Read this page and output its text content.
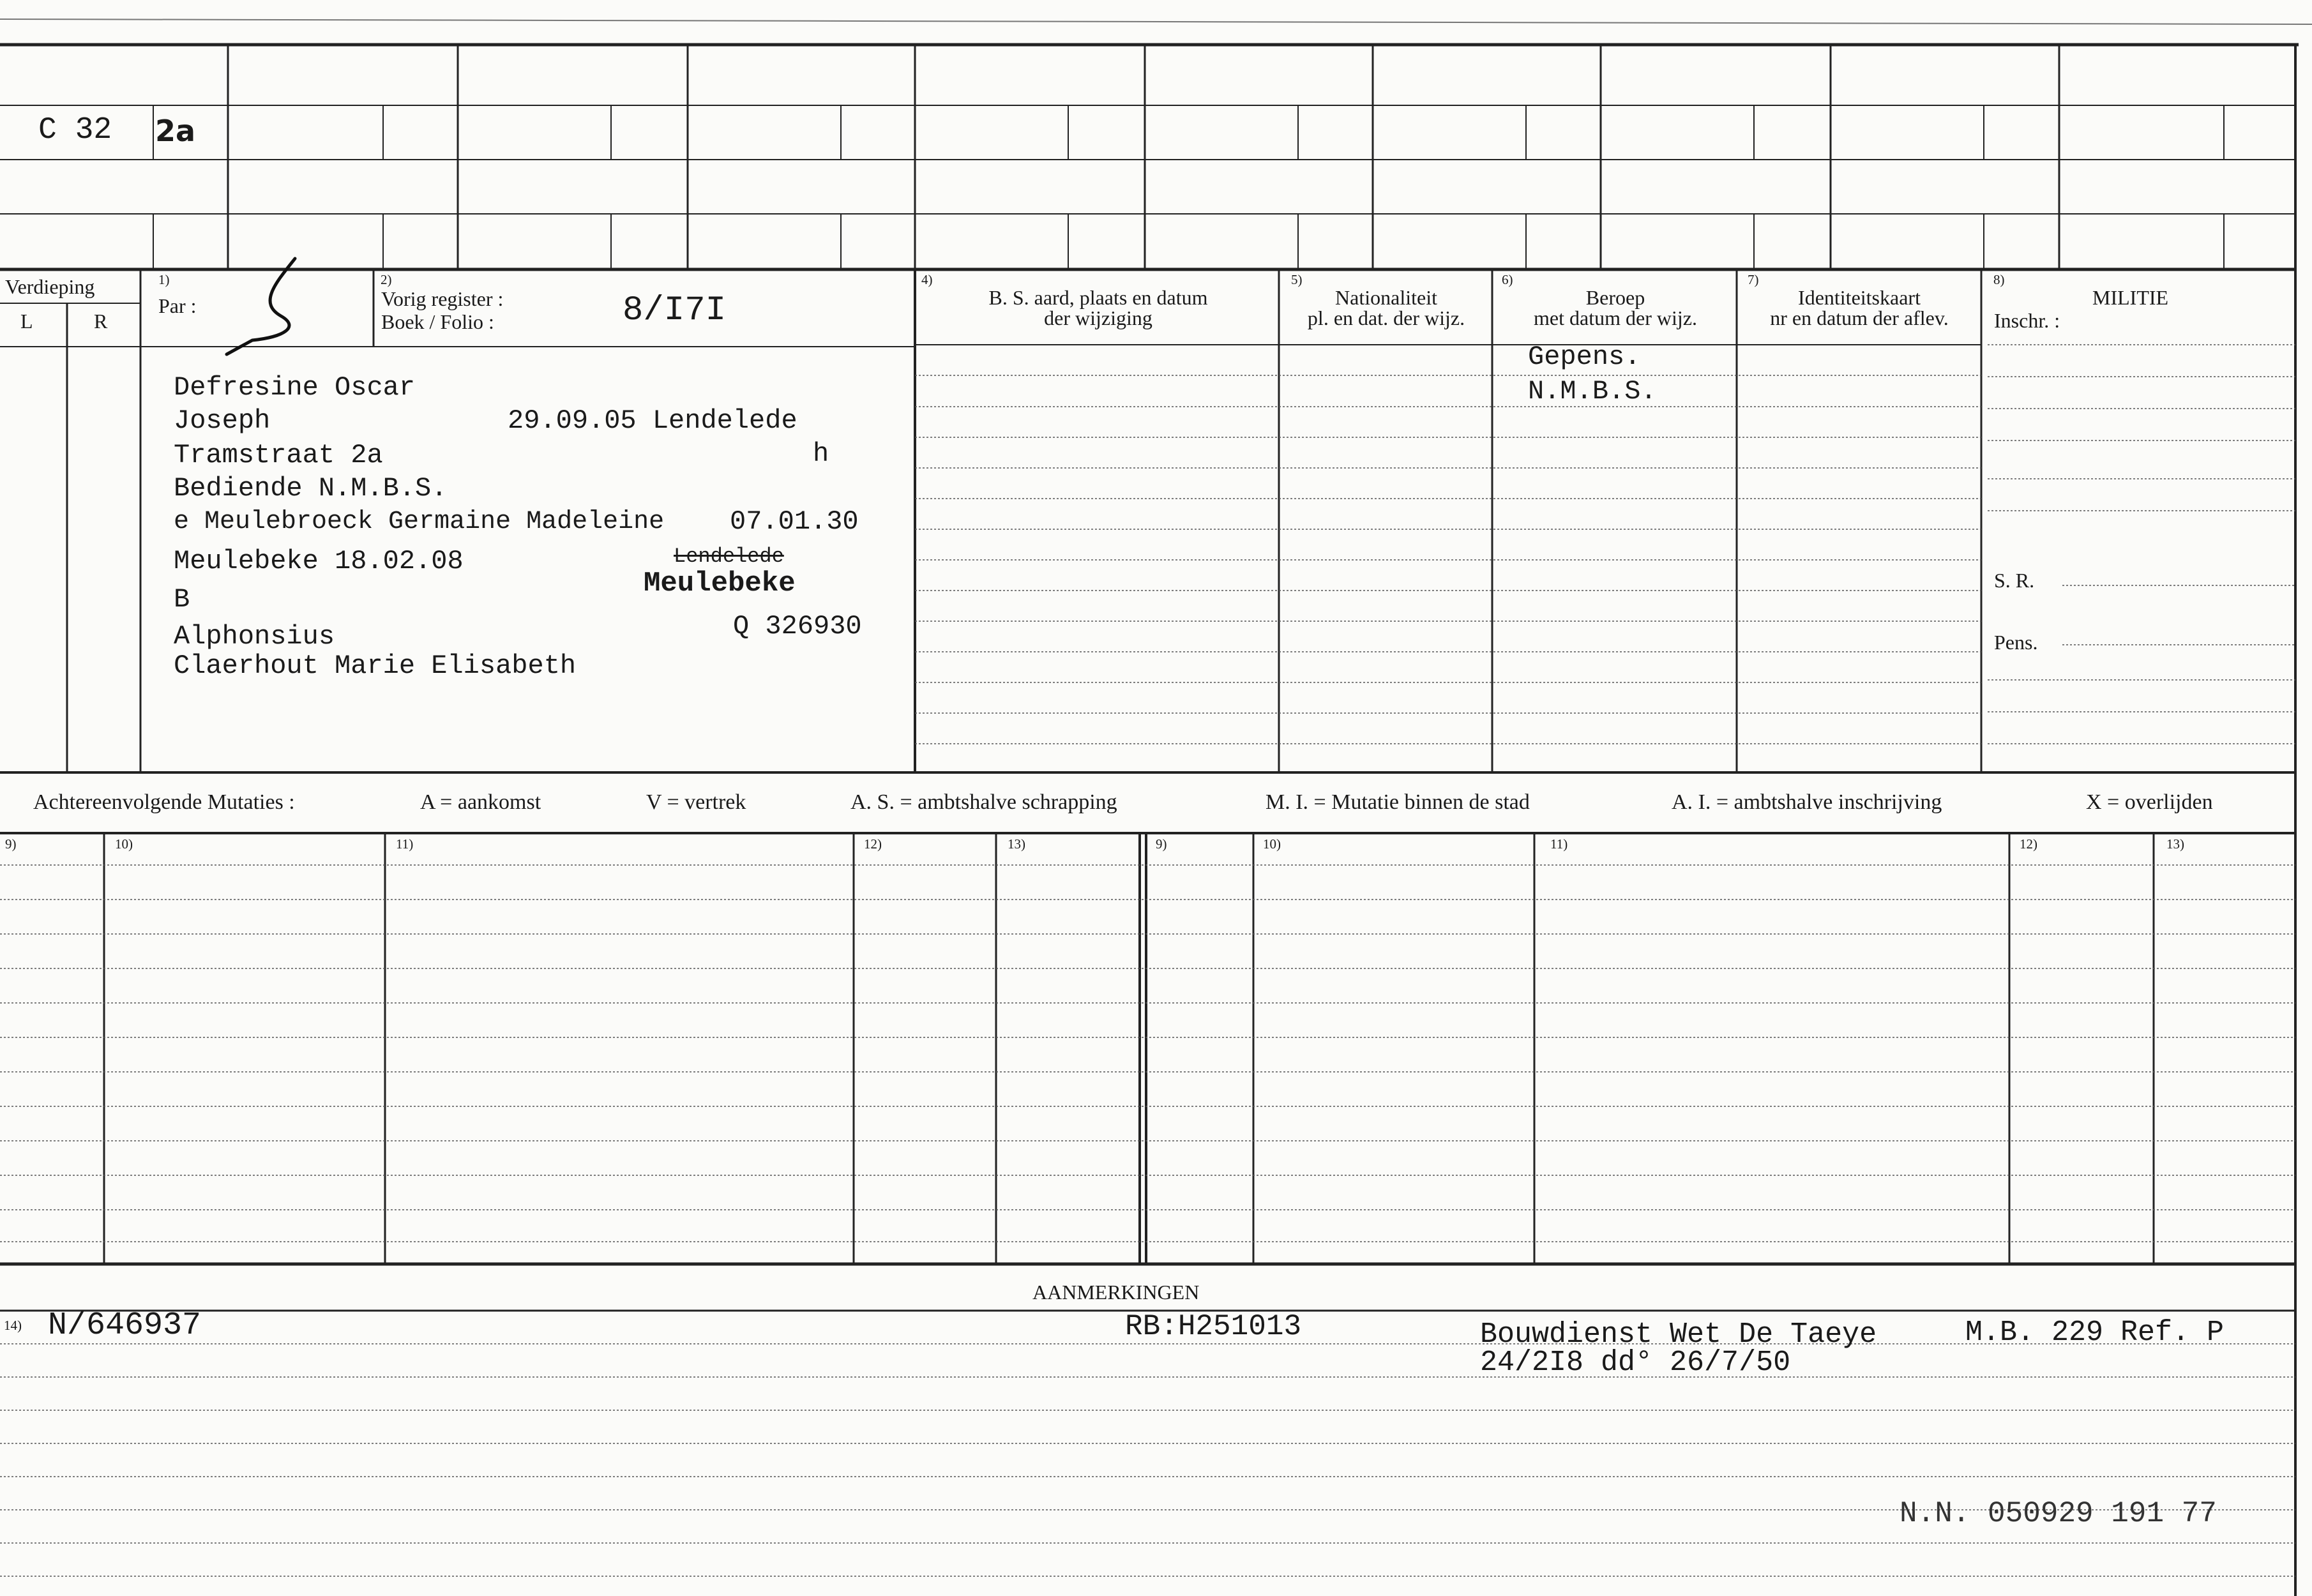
C 32 2a
Verdieping
L	R
1)
Par :
2)
Vorig register :
Boek / Folio :	8/I7I
4)
B. S. aard, plaats en datum
der wijziging
5)
Nationaliteit
pl. en dat. der wijz.
6)
Beroep
met datum der wijz.
Gepens.
N.M.B.S.
7)
Identiteitskaart
nr en datum der aflev.
8)
MILITIE
Inschr. :
S. R.
Pens.
Defresine Oscar
Joseph	29.09.05 Lendelede
Tramstraat 2a	h
Bediende N.M.B.S.
e Meulebroeck Germaine Madeleine 07.01.30
Meulebeke 18.02.08	Lendelede
Meulebeke
B
Q 326930
Alphonsius
Claerhout Marie Elisabeth
Achtereenvolgende Mutaties :	A = aankomst	V = vertrek	A. S. = ambtshalve schrapping	M. I. = Mutatie binnen de stad	A. I. = ambtshalve inschrijving	X = overlijden
9)	10)	11)	12)	13)	9)	10)	11)	12)	13)
AANMERKINGEN
14) N/646937	RB:H251013	Bouwdienst Wet De Taeye	M.B. 229 Ref. P
24/2I8 dd° 26/7/50
N.N. 050929 191 77
